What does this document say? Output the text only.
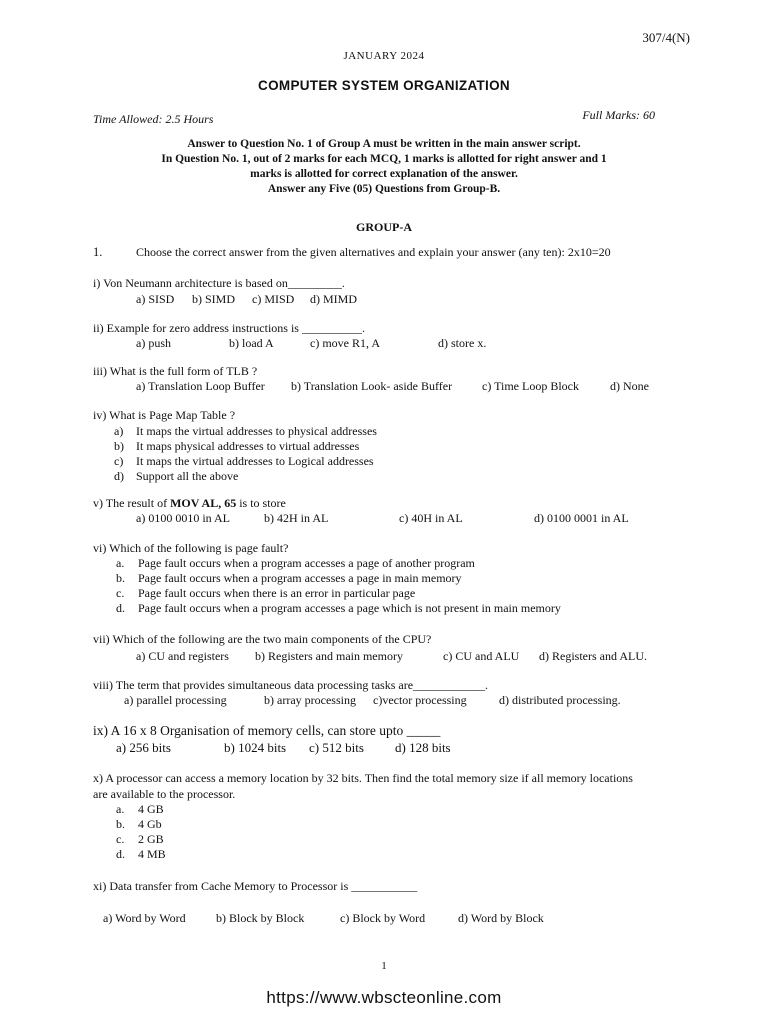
307/4(N)
JANUARY 2024
COMPUTER SYSTEM ORGANIZATION
Time Allowed: 2.5 Hours	Full Marks: 60
Answer to Question No. 1 of Group A must be written in the main answer script.
In Question No. 1, out of 2 marks for each MCQ, 1 marks is allotted for right answer and 1
marks is allotted for correct explanation of the answer.
Answer any Five (05) Questions from Group-B.
GROUP-A
1.	Choose the correct answer from the given alternatives and explain your answer (any ten): 2x10=20
i) Von Neumann architecture is based on_________.
a) SISD b) SIMD c) MISD d) MIMD
ii) Example for zero address instructions is __________.
a) push	b) load A	c) move R1, A	d) store x.
iii) What is the full form of TLB ?
a) Translation Loop Buffer b) Translation Look- aside Buffer c) Time Loop Block	d) None
iv) What is Page Map Table ?
a) It maps the virtual addresses to physical addresses
b) It maps physical addresses to virtual addresses
c) It maps the virtual addresses to Logical addresses
d) Support all the above
v) The result of MOV AL, 65 is to store
a) 0100 0010 in AL	b) 42H in AL	c) 40H in AL	d) 0100 0001 in AL
vi) Which of the following is page fault?
a. Page fault occurs when a program accesses a page of another program
b. Page fault occurs when a program accesses a page in main memory
c. Page fault occurs when there is an error in particular page
d. Page fault occurs when a program accesses a page which is not present in main memory
vii) Which of the following are the two main components of the CPU?
a) CU and registers b) Registers and main memory	c) CU and ALU d) Registers and ALU.
viii) The term that provides simultaneous data processing tasks are____________.
a) parallel processing	b) array processing c)vector processing	d) distributed processing.
ix) A 16 x 8 Organisation of memory cells, can store upto _____
a) 256 bits	b) 1024 bits c) 512 bits d) 128 bits
x) A processor can access a memory location by 32 bits. Then find the total memory size if all memory locations
are available to the processor.
a. 4 GB
b. 4 Gb
c. 2 GB
d. 4 MB
xi) Data transfer from Cache Memory to Processor is ___________
a) Word by Word	b) Block by Block	c) Block by Word	d) Word by Block
1
https://www.wbscteonline.com
